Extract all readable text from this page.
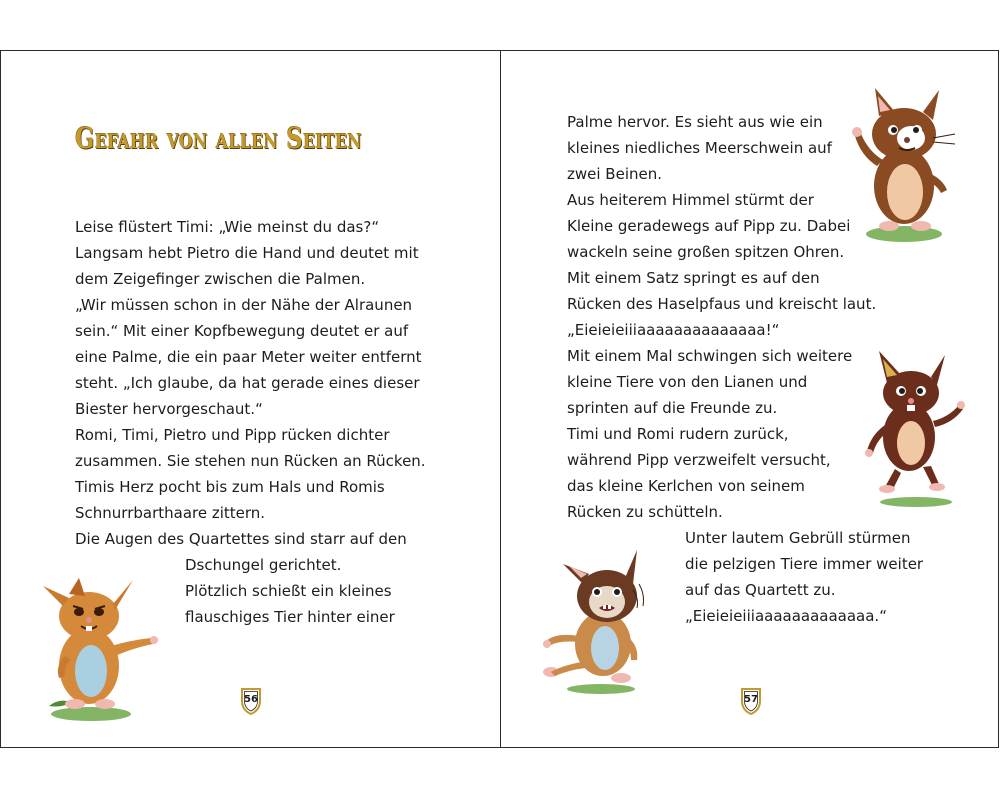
Gefahr von allen Seiten

Leise flüstert Timi: „Wie meinst du das?“

Langsam hebt Pietro die Hand und deutet mit

dem Zeigefinger zwischen die Palmen.

„Wir müssen schon in der Nähe der Alraunen

sein.“ Mit einer Kopfbewegung deutet er auf

eine Palme, die ein paar Meter weiter entfernt

steht. „Ich glaube, da hat gerade eines dieser

Biester hervorgeschaut.“

Romi, Timi, Pietro und Pipp rücken dichter

zusammen. Sie stehen nun Rücken an Rücken.

Timis Herz pocht bis zum Hals und Romis

Schnurrbarthaare zittern.

Die Augen des Quartettes sind starr auf den

Dschungel gerichtet.

Plötzlich schießt ein kleines

flauschiges Tier hinter einer

56

Palme hervor. Es sieht aus wie ein

kleines niedliches Meerschwein auf

zwei Beinen.

Aus heiterem Himmel stürmt der

Kleine geradewegs auf Pipp zu. Dabei

wackeln seine großen spitzen Ohren.

Mit einem Satz springt es auf den

Rücken des Haselpfaus und kreischt laut.

„Eieieieiiiaaaaaaaaaaaaaa!“

Mit einem Mal schwingen sich weitere

kleine Tiere von den Lianen und

sprinten auf die Freunde zu.

Timi und Romi rudern zurück,

während Pipp verzweifelt versucht,

das kleine Kerlchen von seinem

Rücken zu schütteln.

Unter lautem Gebrüll stürmen

die pelzigen Tiere immer weiter

auf das Quartett zu.

„Eieieieiiiaaaaaaaaaaaaa.“

57
